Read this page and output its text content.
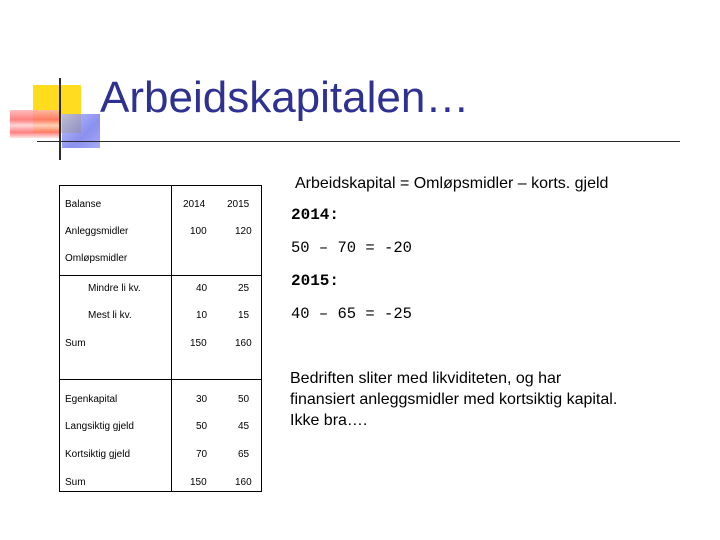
Arbeidskapitalen…
Balanse	2014 2015
Anleggsmidler	100	120
Omløpsmidler
Mindre li kv.	40	25
Mest li kv.	10	15
Sum	150	160
Egenkapital	30	50
Langsiktig gjeld	50	45
Kortsiktig gjeld	70	65
Sum	150	160
Arbeidskapital = Omløpsmidler – korts. gjeld
2014:
50 – 70 = -20
2015:
40 – 65 = -25
Bedriften sliter med likviditeten, og har
finansiert anleggsmidler med kortsiktig kapital.
Ikke bra….
